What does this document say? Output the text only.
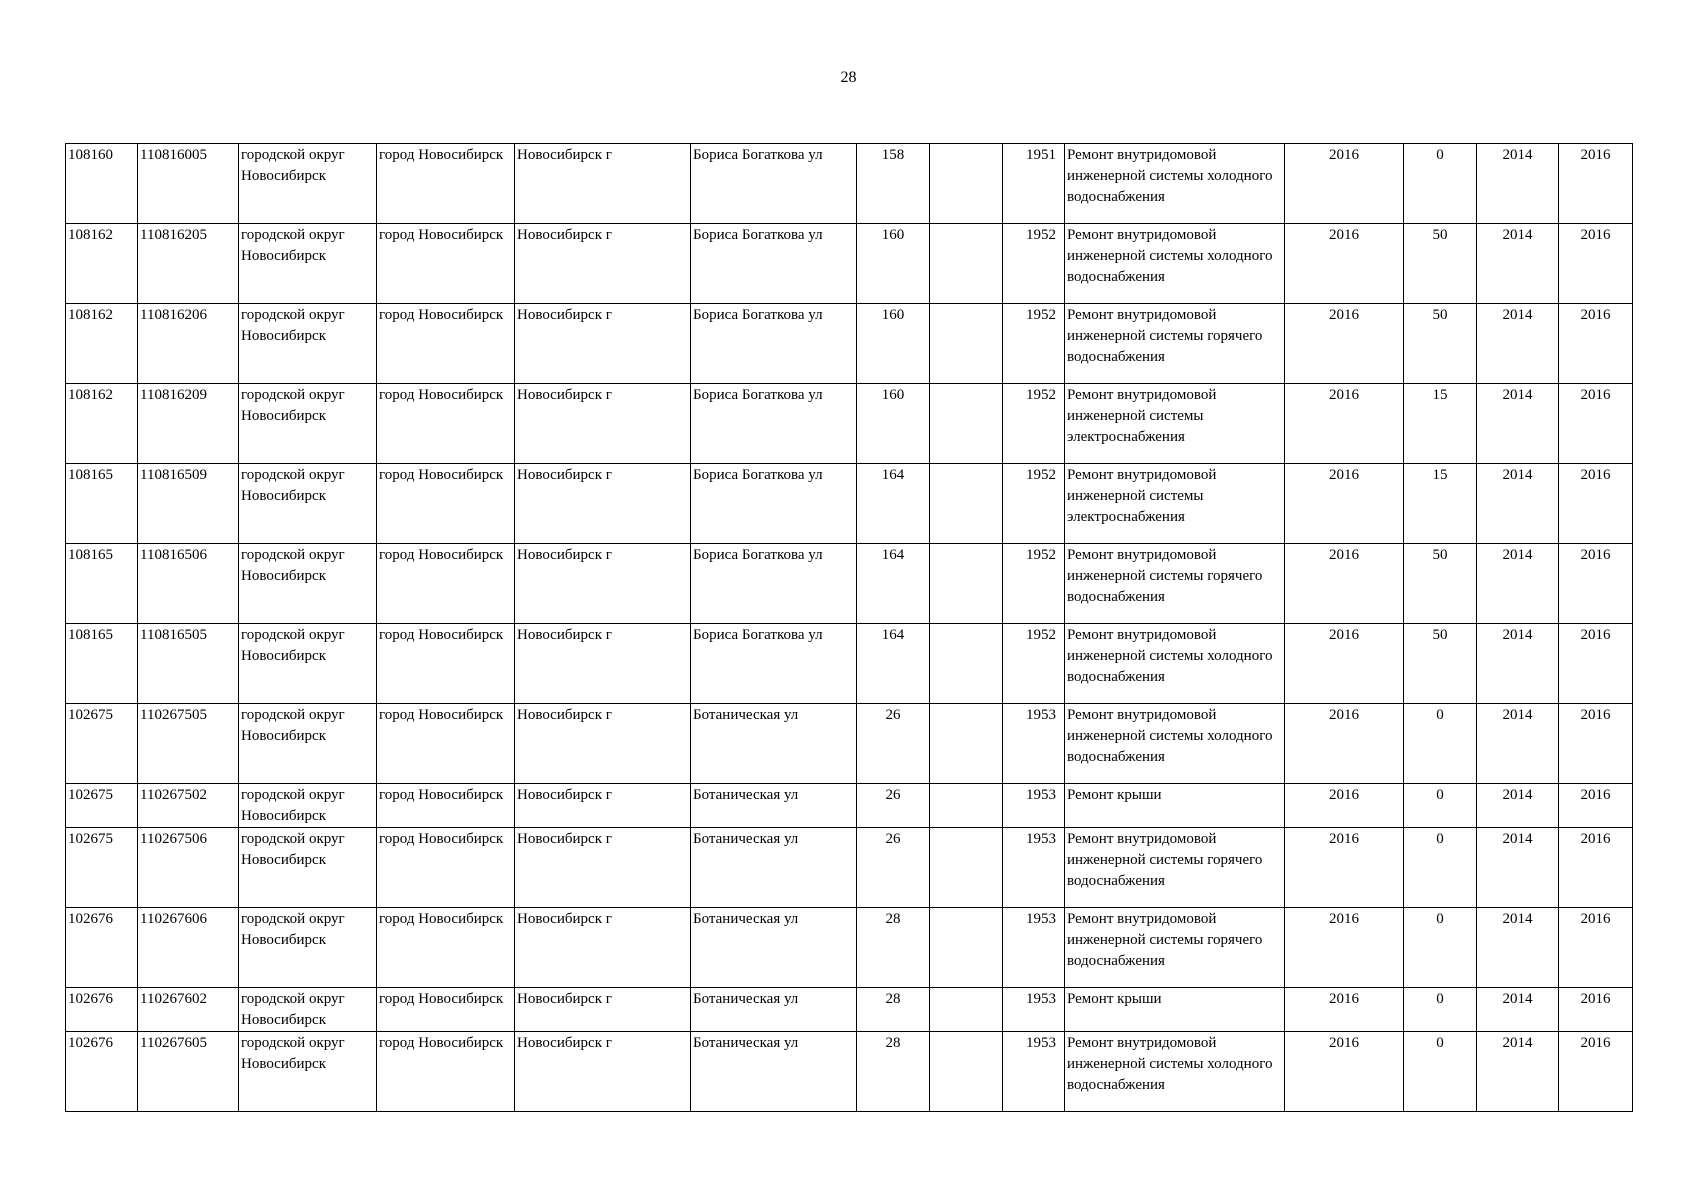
28
108160	110816005	городской округ Новосибирск	город Новосибирск	Новосибирск г	Бориса Богаткова ул	158		1951	Ремонт внутридомовой инженерной системы холодного водоснабжения	2016	0	2014	2016
108162	110816205	городской округ Новосибирск	город Новосибирск	Новосибирск г	Бориса Богаткова ул	160		1952	Ремонт внутридомовой инженерной системы холодного водоснабжения	2016	50	2014	2016
108162	110816206	городской округ Новосибирск	город Новосибирск	Новосибирск г	Бориса Богаткова ул	160		1952	Ремонт внутридомовой инженерной системы горячего водоснабжения	2016	50	2014	2016
108162	110816209	городской округ Новосибирск	город Новосибирск	Новосибирск г	Бориса Богаткова ул	160		1952	Ремонт внутридомовой инженерной системы электроснабжения	2016	15	2014	2016
108165	110816509	городской округ Новосибирск	город Новосибирск	Новосибирск г	Бориса Богаткова ул	164		1952	Ремонт внутридомовой инженерной системы электроснабжения	2016	15	2014	2016
108165	110816506	городской округ Новосибирск	город Новосибирск	Новосибирск г	Бориса Богаткова ул	164		1952	Ремонт внутридомовой инженерной системы горячего водоснабжения	2016	50	2014	2016
108165	110816505	городской округ Новосибирск	город Новосибирск	Новосибирск г	Бориса Богаткова ул	164		1952	Ремонт внутридомовой инженерной системы холодного водоснабжения	2016	50	2014	2016
102675	110267505	городской округ Новосибирск	город Новосибирск	Новосибирск г	Ботаническая ул	26		1953	Ремонт внутридомовой инженерной системы холодного водоснабжения	2016	0	2014	2016
102675	110267502	городской округ Новосибирск	город Новосибирск	Новосибирск г	Ботаническая ул	26		1953	Ремонт крыши	2016	0	2014	2016
102675	110267506	городской округ Новосибирск	город Новосибирск	Новосибирск г	Ботаническая ул	26		1953	Ремонт внутридомовой инженерной системы горячего водоснабжения	2016	0	2014	2016
102676	110267606	городской округ Новосибирск	город Новосибирск	Новосибирск г	Ботаническая ул	28		1953	Ремонт внутридомовой инженерной системы горячего водоснабжения	2016	0	2014	2016
102676	110267602	городской округ Новосибирск	город Новосибирск	Новосибирск г	Ботаническая ул	28		1953	Ремонт крыши	2016	0	2014	2016
102676	110267605	городской округ Новосибирск	город Новосибирск	Новосибирск г	Ботаническая ул	28		1953	Ремонт внутридомовой инженерной системы холодного водоснабжения	2016	0	2014	2016
